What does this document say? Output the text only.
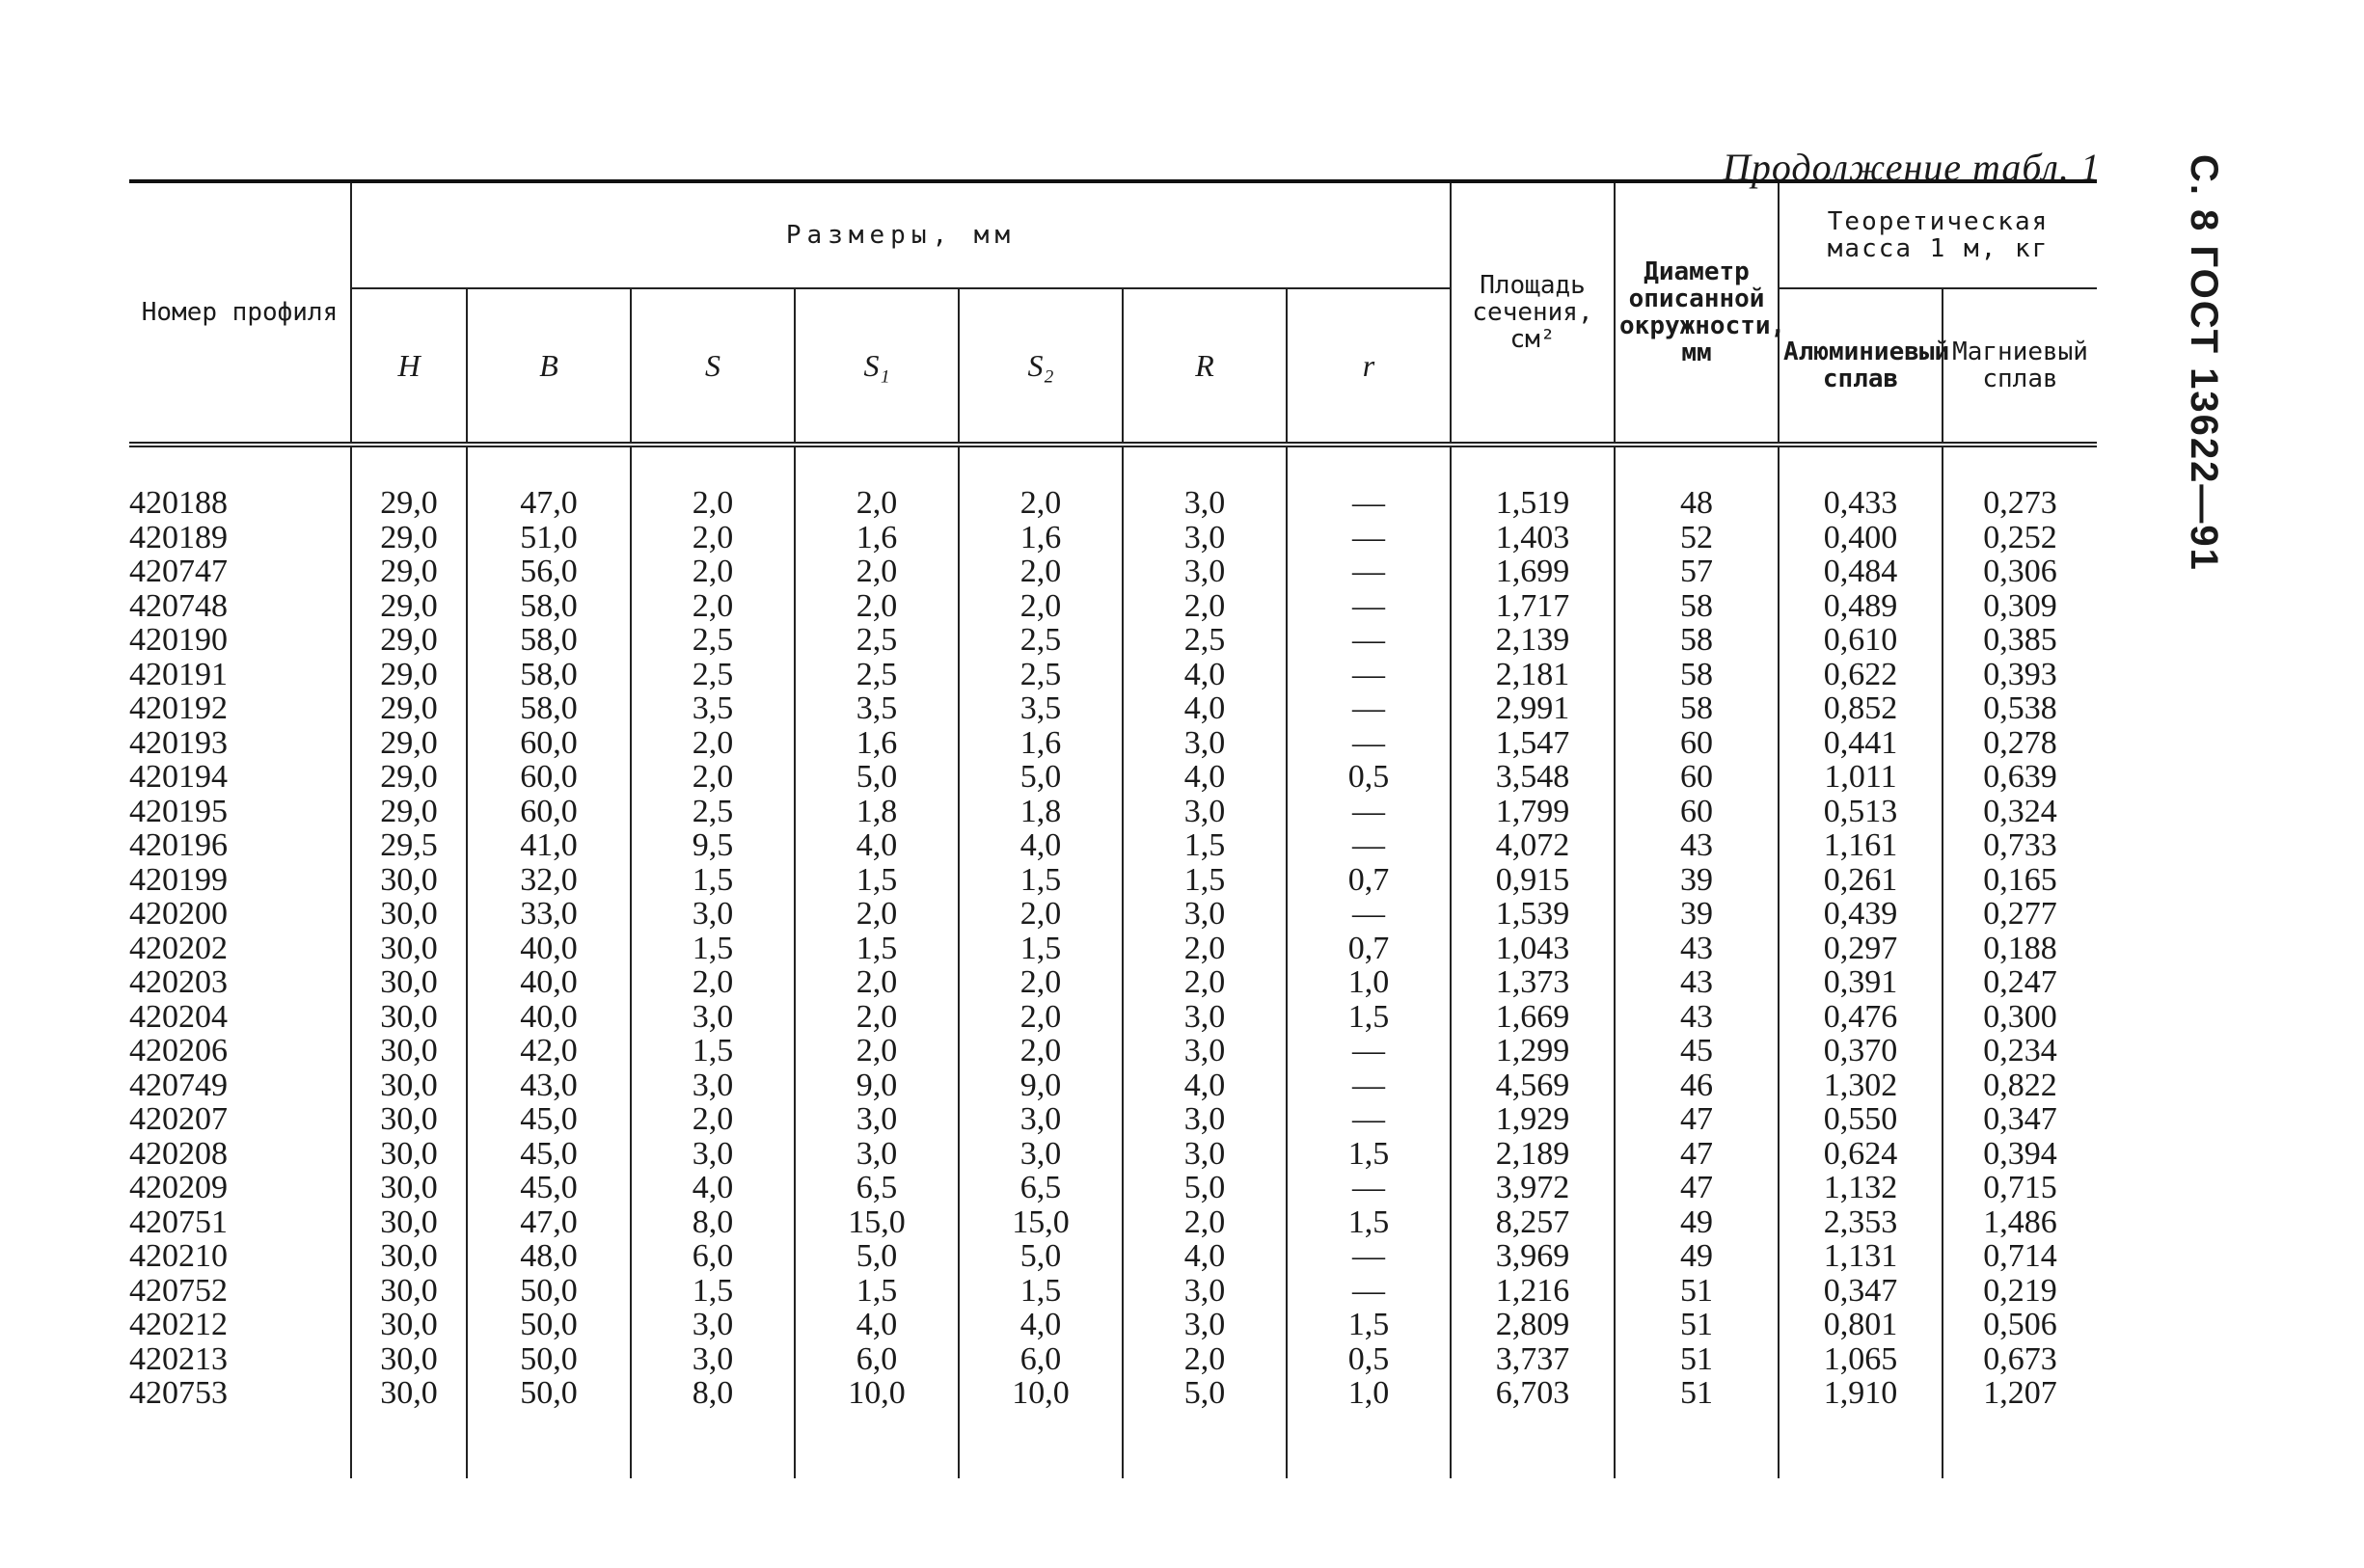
Продолжение табл. 1 С. 8 ГОСТ 13622—91
Номер профиля	Размеры, мм							Площадь сечения, см²	Диаметр описанной окружности, мм	Теоретическая масса 1 м, кг	
	H	B	S	S₁	S₂	R	r			Алюминиевый сплав	Магниевый сплав
420188	29,0	47,0	2,0	2,0	2,0	3,0	—	1,519	48	0,433	0,273
420189	29,0	51,0	2,0	1,6	1,6	3,0	—	1,403	52	0,400	0,252
420747	29,0	56,0	2,0	2,0	2,0	3,0	—	1,699	57	0,484	0,306
420748	29,0	58,0	2,0	2,0	2,0	2,0	—	1,717	58	0,489	0,309
420190	29,0	58,0	2,5	2,5	2,5	2,5	—	2,139	58	0,610	0,385
420191	29,0	58,0	2,5	2,5	2,5	4,0	—	2,181	58	0,622	0,393
420192	29,0	58,0	3,5	3,5	3,5	4,0	—	2,991	58	0,852	0,538
420193	29,0	60,0	2,0	1,6	1,6	3,0	—	1,547	60	0,441	0,278
420194	29,0	60,0	2,0	5,0	5,0	4,0	0,5	3,548	60	1,011	0,639
420195	29,0	60,0	2,5	1,8	1,8	3,0	—	1,799	60	0,513	0,324
420196	29,5	41,0	9,5	4,0	4,0	1,5	—	4,072	43	1,161	0,733
420199	30,0	32,0	1,5	1,5	1,5	1,5	0,7	0,915	39	0,261	0,165
420200	30,0	33,0	3,0	2,0	2,0	3,0	—	1,539	39	0,439	0,277
420202	30,0	40,0	1,5	1,5	1,5	2,0	0,7	1,043	43	0,297	0,188
420203	30,0	40,0	2,0	2,0	2,0	2,0	1,0	1,373	43	0,391	0,247
420204	30,0	40,0	3,0	2,0	2,0	3,0	1,5	1,669	43	0,476	0,300
420206	30,0	42,0	1,5	2,0	2,0	3,0	—	1,299	45	0,370	0,234
420749	30,0	43,0	3,0	9,0	9,0	4,0	—	4,569	46	1,302	0,822
420207	30,0	45,0	2,0	3,0	3,0	3,0	—	1,929	47	0,550	0,347
420208	30,0	45,0	3,0	3,0	3,0	3,0	1,5	2,189	47	0,624	0,394
420209	30,0	45,0	4,0	6,5	6,5	5,0	—	3,972	47	1,132	0,715
420751	30,0	47,0	8,0	15,0	15,0	2,0	1,5	8,257	49	2,353	1,486
420210	30,0	48,0	6,0	5,0	5,0	4,0	—	3,969	49	1,131	0,714
420752	30,0	50,0	1,5	1,5	1,5	3,0	—	1,216	51	0,347	0,219
420212	30,0	50,0	3,0	4,0	4,0	3,0	1,5	2,809	51	0,801	0,506
420213	30,0	50,0	3,0	6,0	6,0	2,0	0,5	3,737	51	1,065	0,673
420753	30,0	50,0	8,0	10,0	10,0	5,0	1,0	6,703	51	1,910	1,207
